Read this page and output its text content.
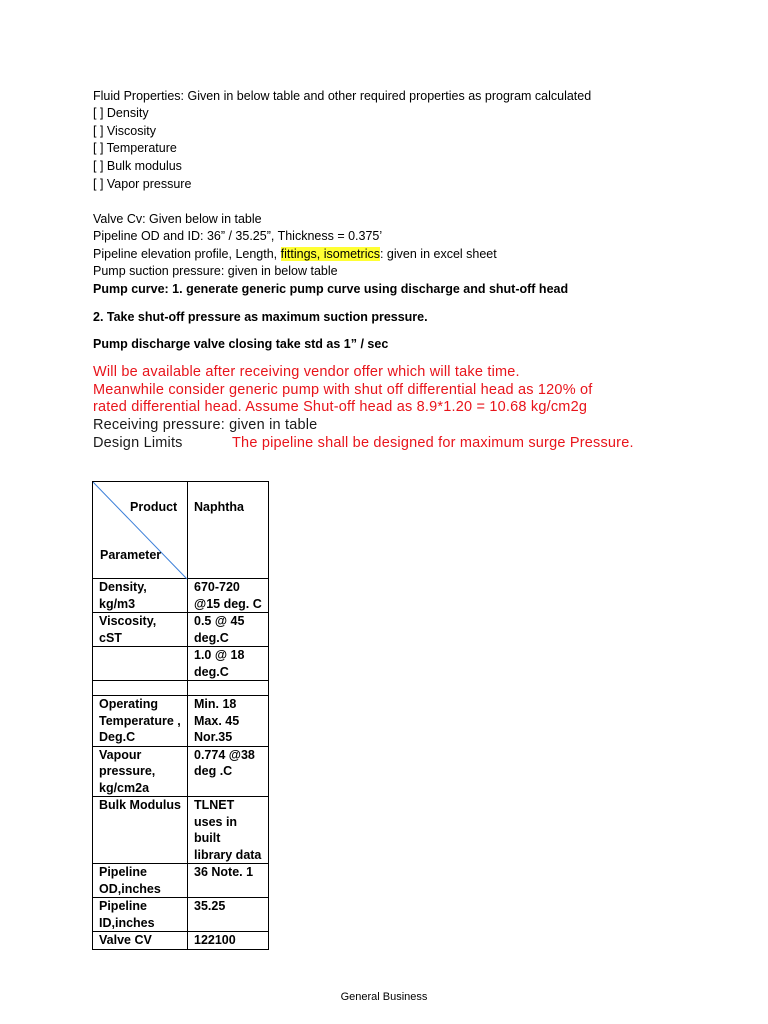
Fluid Properties: Given in below table and other required properties as program calculated
[ ] Density
[ ] Viscosity
[ ] Temperature
[ ] Bulk modulus
[ ] Vapor pressure
Valve Cv: Given below in table
Pipeline OD and ID: 36” / 35.25”, Thickness = 0.375’
Pipeline elevation profile, Length, fittings, isometrics: given in excel sheet
Pump suction pressure: given in below table
Pump curve: 1. generate generic pump curve using discharge and shut-off head
2. Take shut-off pressure as maximum suction pressure.
Pump discharge valve closing take std as 1” / sec
Will be available after receiving vendor offer which will take time.
Meanwhile consider generic pump with shut off differential head as 120% of
rated differential head. Assume Shut-off head as 8.9*1.20 = 10.68 kg/cm2g
Receiving pressure: given in table
Design Limits	The pipeline shall be designed for maximum surge Pressure.
Product
Parameter	Naphtha
Density, kg/m3	670-720 @15 deg. C
Viscosity, cST	0.5 @ 45 deg.C
	1.0 @ 18 deg.C

Operating Temperature , Deg.C	Min. 18 Max. 45 Nor.35
Vapour pressure, kg/cm2a	0.774 @38 deg .C
Bulk Modulus	TLNET uses in built library data
Pipeline OD,inches	36 Note. 1
Pipeline ID,inches	35.25
Valve CV	122100
General Business
